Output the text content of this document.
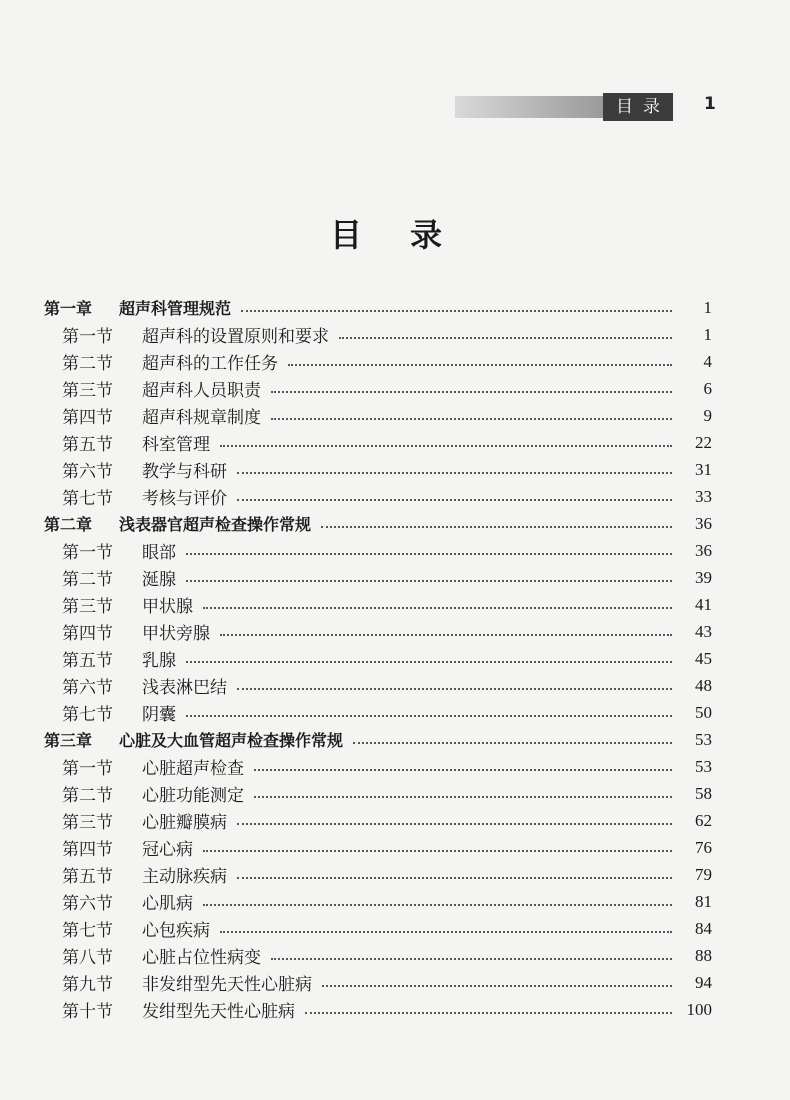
目录 1
目录
第一章	超声科管理规范	1
第一节	超声科的设置原则和要求	1
第二节	超声科的工作任务	4
第三节	超声科人员职责	6
第四节	超声科规章制度	9
第五节	科室管理	22
第六节	教学与科研	31
第七节	考核与评价	33
第二章	浅表器官超声检查操作常规	36
第一节	眼部	36
第二节	涎腺	39
第三节	甲状腺	41
第四节	甲状旁腺	43
第五节	乳腺	45
第六节	浅表淋巴结	48
第七节	阴囊	50
第三章	心脏及大血管超声检查操作常规	53
第一节	心脏超声检查	53
第二节	心脏功能测定	58
第三节	心脏瓣膜病	62
第四节	冠心病	76
第五节	主动脉疾病	79
第六节	心肌病	81
第七节	心包疾病	84
第八节	心脏占位性病变	88
第九节	非发绀型先天性心脏病	94
第十节	发绀型先天性心脏病	100
